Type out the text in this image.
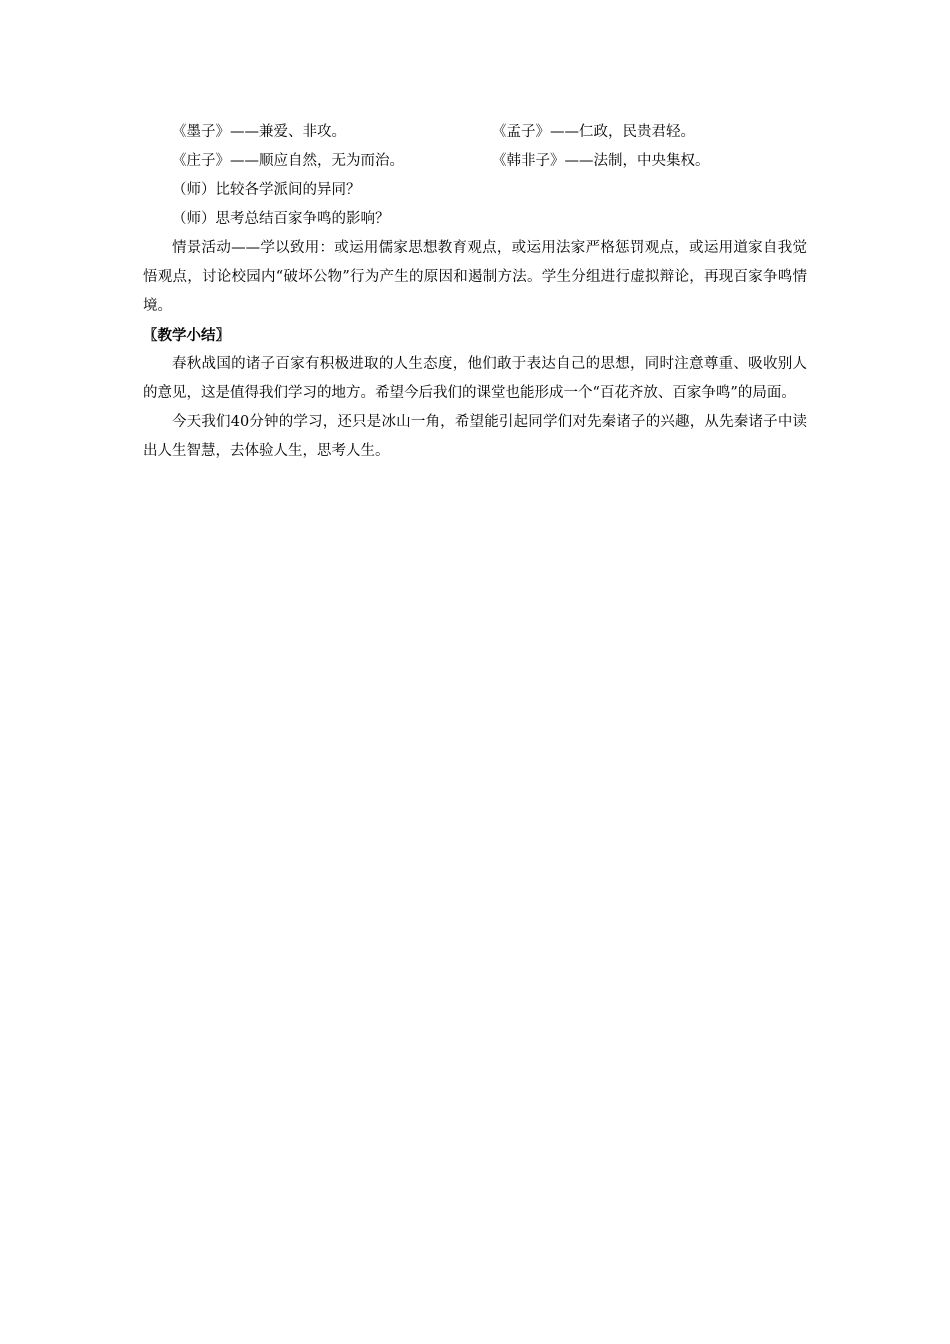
《墨子》——兼爱、非攻。	《孟子》——仁政，民贵君轻。
《庄子》——顺应自然，无为而治。	《韩非子》——法制，中央集权。
（师）比较各学派间的异同？
（师）思考总结百家争鸣的影响？

情景活动——学以致用：或运用儒家思想教育观点，或运用法家严格惩罚观点，或运用道家自我觉悟观点，讨论校园内“破坏公物”行为产生的原因和遏制方法。学生分组进行虚拟辩论，再现百家争鸣情境。

〖教学小结〗

春秋战国的诸子百家有积极进取的人生态度，他们敢于表达自己的思想，同时注意尊重、吸收别人的意见，这是值得我们学习的地方。希望今后我们的课堂也能形成一个“百花齐放、百家争鸣”的局面。

今天我们40分钟的学习，还只是冰山一角，希望能引起同学们对先秦诸子的兴趣，从先秦诸子中读出人生智慧，去体验人生，思考人生。
